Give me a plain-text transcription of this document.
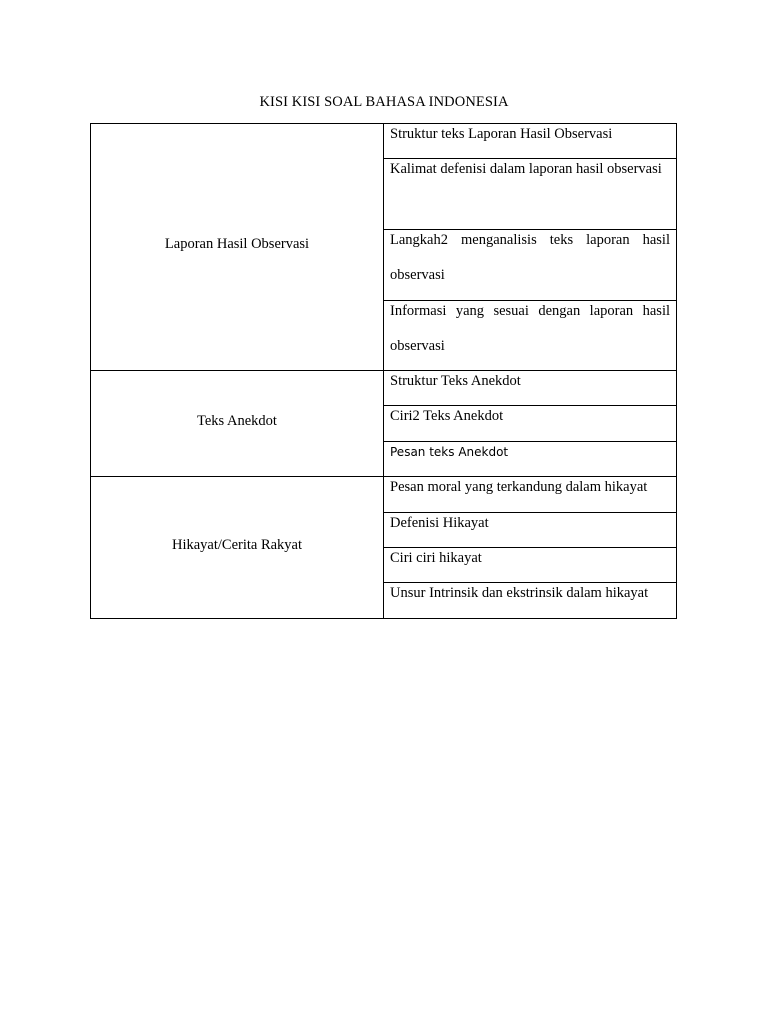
KISI KISI SOAL BAHASA INDONESIA
Laporan Hasil Observasi	Struktur teks Laporan Hasil Observasi

	Kalimat defenisi dalam laporan hasil observasi

	Langkah2 menganalisis teks laporan hasil observasi

	Informasi yang sesuai dengan laporan hasil observasi

Teks Anekdot	Struktur Teks Anekdot

	Ciri2 Teks Anekdot

	Pesan teks Anekdot

Hikayat/Cerita Rakyat	Pesan moral yang terkandung dalam hikayat

	Defenisi Hikayat

	Ciri ciri hikayat

	Unsur Intrinsik dan ekstrinsik dalam hikayat
